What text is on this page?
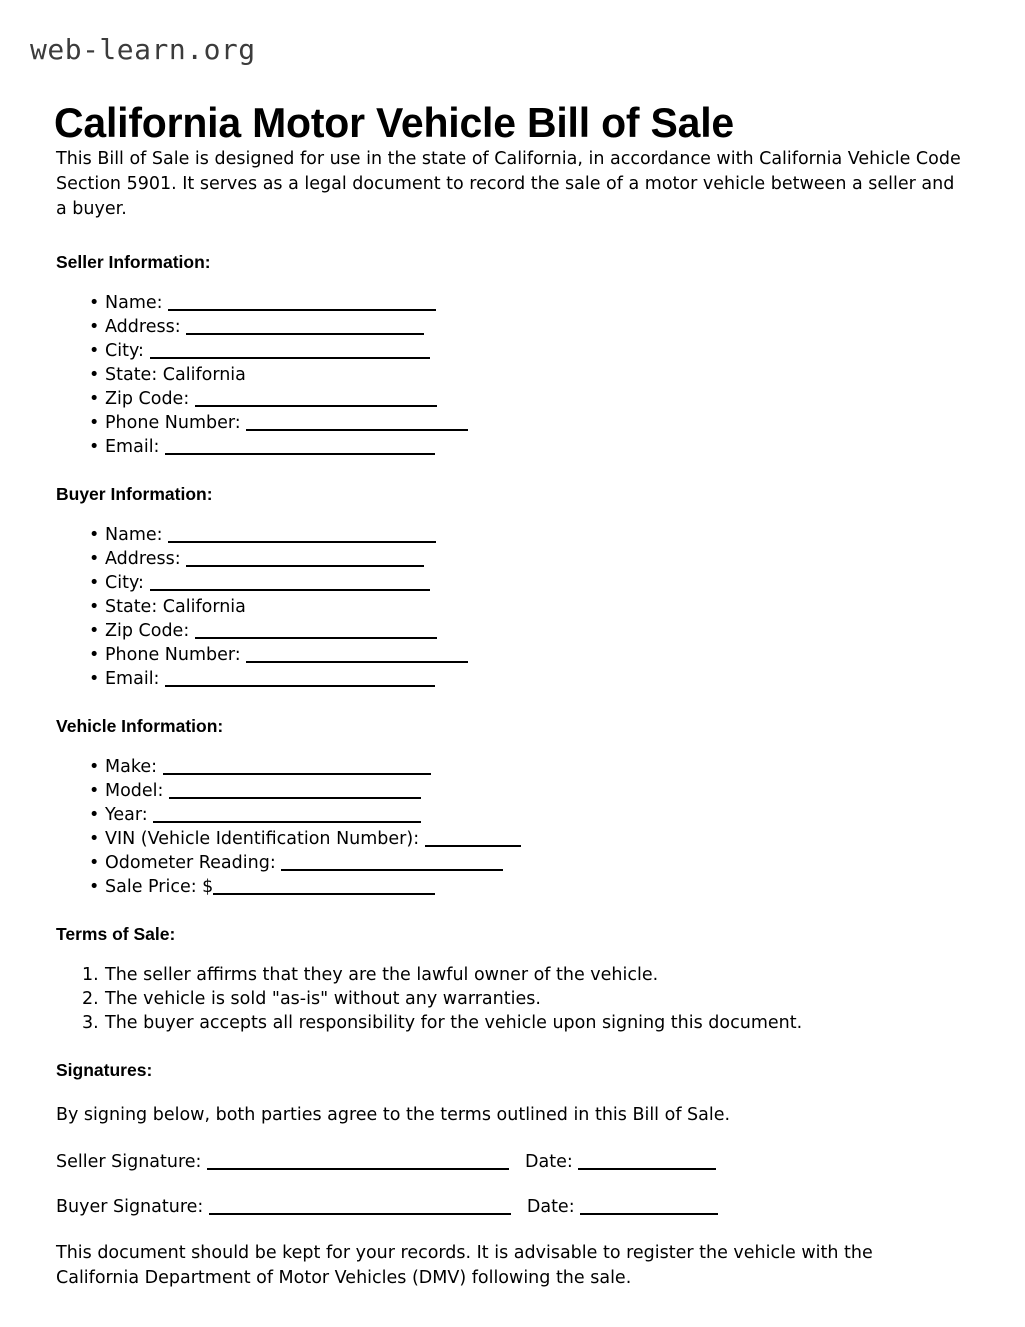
web-learn.org
California Motor Vehicle Bill of Sale

This Bill of Sale is designed for use in the state of California, in accordance with California Vehicle Code Section 5901. It serves as a legal document to record the sale of a motor vehicle between a seller and a buyer.

Seller Information:
• Name:
• Address:
• City:
• State: California
• Zip Code:
• Phone Number:
• Email:
Buyer Information:
• Name:
• Address:
• City:
• State: California
• Zip Code:
• Phone Number:
• Email:
Vehicle Information:
• Make:
• Model:
• Year:
• VIN (Vehicle Identification Number):
• Odometer Reading:
• Sale Price: $
Terms of Sale:
1. The seller affirms that they are the lawful owner of the vehicle.
2. The vehicle is sold "as-is" without any warranties.
3. The buyer accepts all responsibility for the vehicle upon signing this document.
Signatures:

By signing below, both parties agree to the terms outlined in this Bill of Sale.

Seller Signature:	Date:
Buyer Signature:	Date:

This document should be kept for your records. It is advisable to register the vehicle with the California Department of Motor Vehicles (DMV) following the sale.
